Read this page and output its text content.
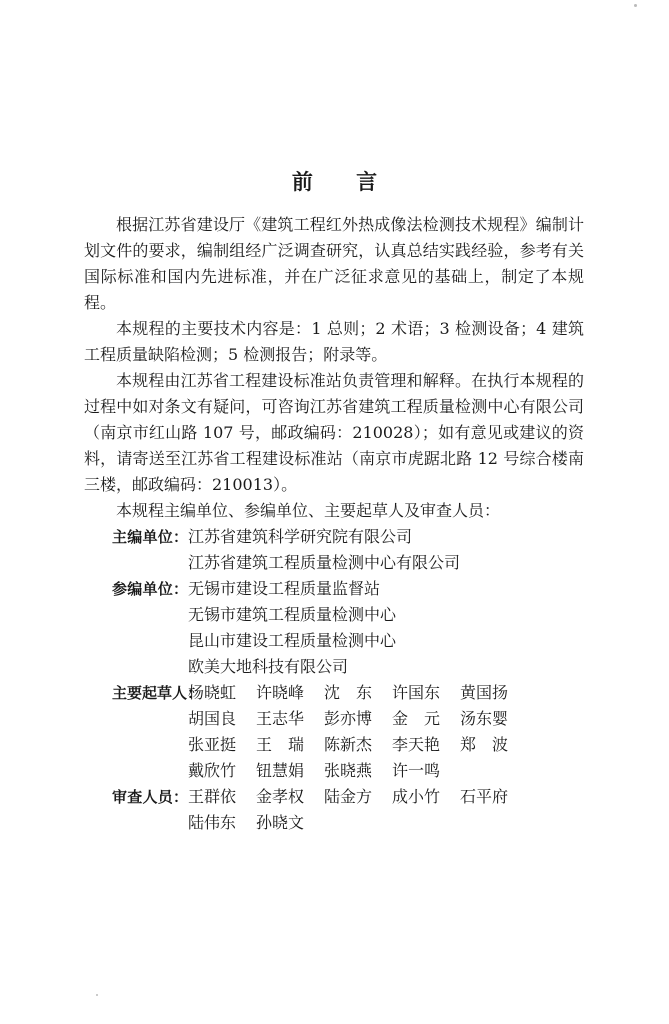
前 言

根据江苏省建设厅《建筑工程红外热成像法检测技术规程》编制计划文件的要求，编制组经广泛调查研究，认真总结实践经验，参考有关国际标准和国内先进标准，并在广泛征求意见的基础上，制定了本规程。

本规程的主要技术内容是：1 总则；2 术语；3 检测设备；4 建筑工程质量缺陷检测；5 检测报告；附录等。

本规程由江苏省工程建设标准站负责管理和解释。在执行本规程的过程中如对条文有疑问，可咨询江苏省建筑工程质量检测中心有限公司（南京市红山路 107 号，邮政编码：210028）；如有意见或建议的资料，请寄送至江苏省工程建设标准站（南京市虎踞北路 12 号综合楼南三楼，邮政编码：210013）。

本规程主编单位、参编单位、主要起草人及审查人员：

主编单位： 江苏省建筑科学研究院有限公司
江苏省建筑工程质量检测中心有限公司
参编单位： 无锡市建设工程质量监督站
无锡市建筑工程质量检测中心
昆山市建设工程质量检测中心
欧美大地科技有限公司
主要起草人：
杨晓虹	许晓峰	沈　东	许国东	黄国扬
胡国良	王志华	彭亦博	金　元	汤东婴
张亚挺	王　瑞	陈新杰	李天艳	郑　波
戴欣竹	钮慧娟	张晓燕	许一鸣
审查人员： 王群依	金孝权	陆金方	成小竹	石平府
陆伟东	孙晓文
